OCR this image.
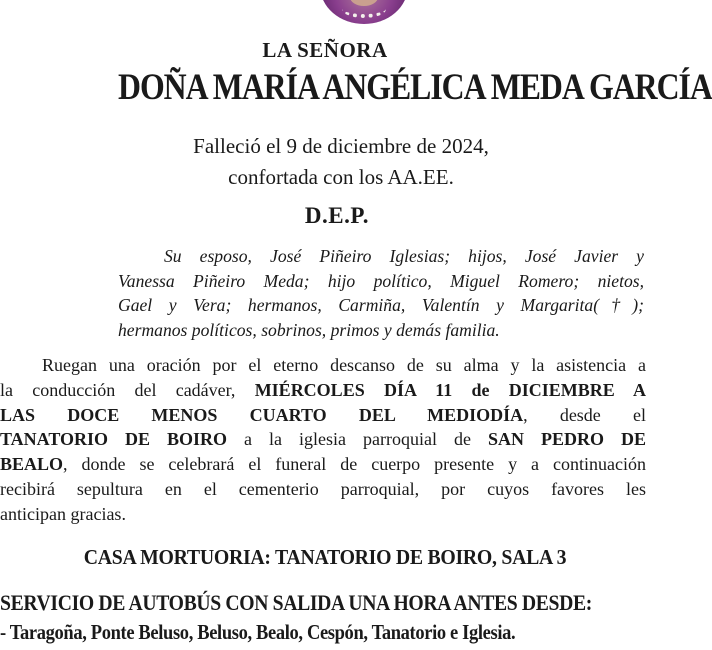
LA SEÑORA
DOÑA MARÍA ANGÉLICA MEDA GARCÍA
Falleció el 9 de diciembre de 2024,
confortada con los AA.EE.
D.E.P.
Su esposo, José Piñeiro Iglesias; hijos, José Javier y
Vanessa Piñeiro Meda; hijo político, Miguel Romero; nietos,
Gael y Vera; hermanos, Carmiña, Valentín y Margarita(†);
hermanos políticos, sobrinos, primos y demás familia.
Ruegan una oración por el eterno descanso de su alma y la asistencia a
la conducción del cadáver, MIÉRCOLES DÍA 11 de DICIEMBRE A
LAS DOCE MENOS CUARTO DEL MEDIODÍA, desde el
TANATORIO DE BOIRO a la iglesia parroquial de SAN PEDRO DE
BEALO, donde se celebrará el funeral de cuerpo presente y a continuación
recibirá sepultura en el cementerio parroquial, por cuyos favores les
anticipan gracias.
CASA MORTUORIA: TANATORIO DE BOIRO, SALA 3
SERVICIO DE AUTOBÚS CON SALIDA UNA HORA ANTES DESDE:
- Taragoña, Ponte Beluso, Beluso, Bealo, Cespón, Tanatorio e Iglesia.
